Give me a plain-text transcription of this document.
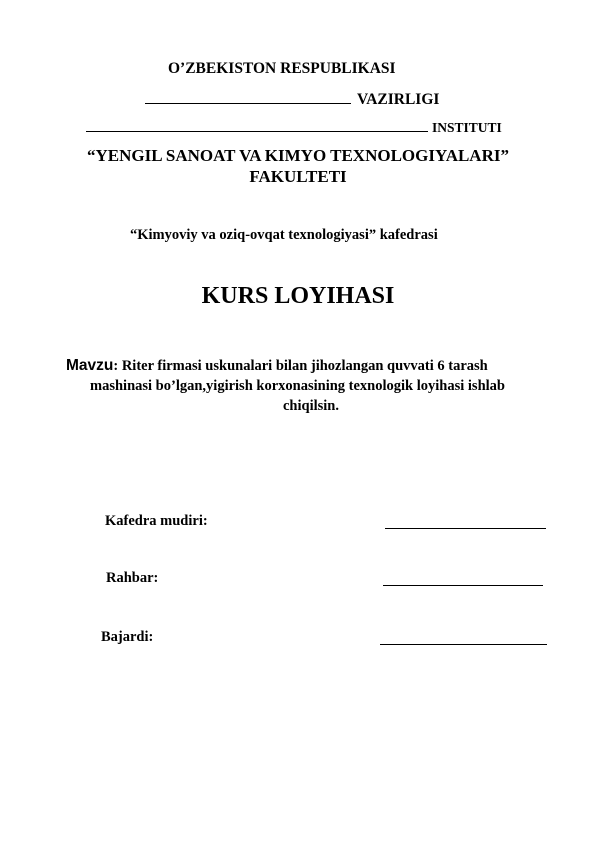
O’ZBEKISTON RESPUBLIKASI
VAZIRLIGI
INSTITUTI
“YENGIL SANOAT VA KIMYO TEXNOLOGIYALARI”
FAKULTETI
“Kimyoviy va oziq-ovqat texnologiyasi” kafedrasi
KURS LOYIHASI
Mavzu: Riter firmasi uskunalari bilan jihozlangan quvvati 6 tarash
mashinasi bo’lgan,yigirish korxonasining texnologik loyihasi ishlab
chiqilsin.
Kafedra mudiri:
Rahbar:
Bajardi:
